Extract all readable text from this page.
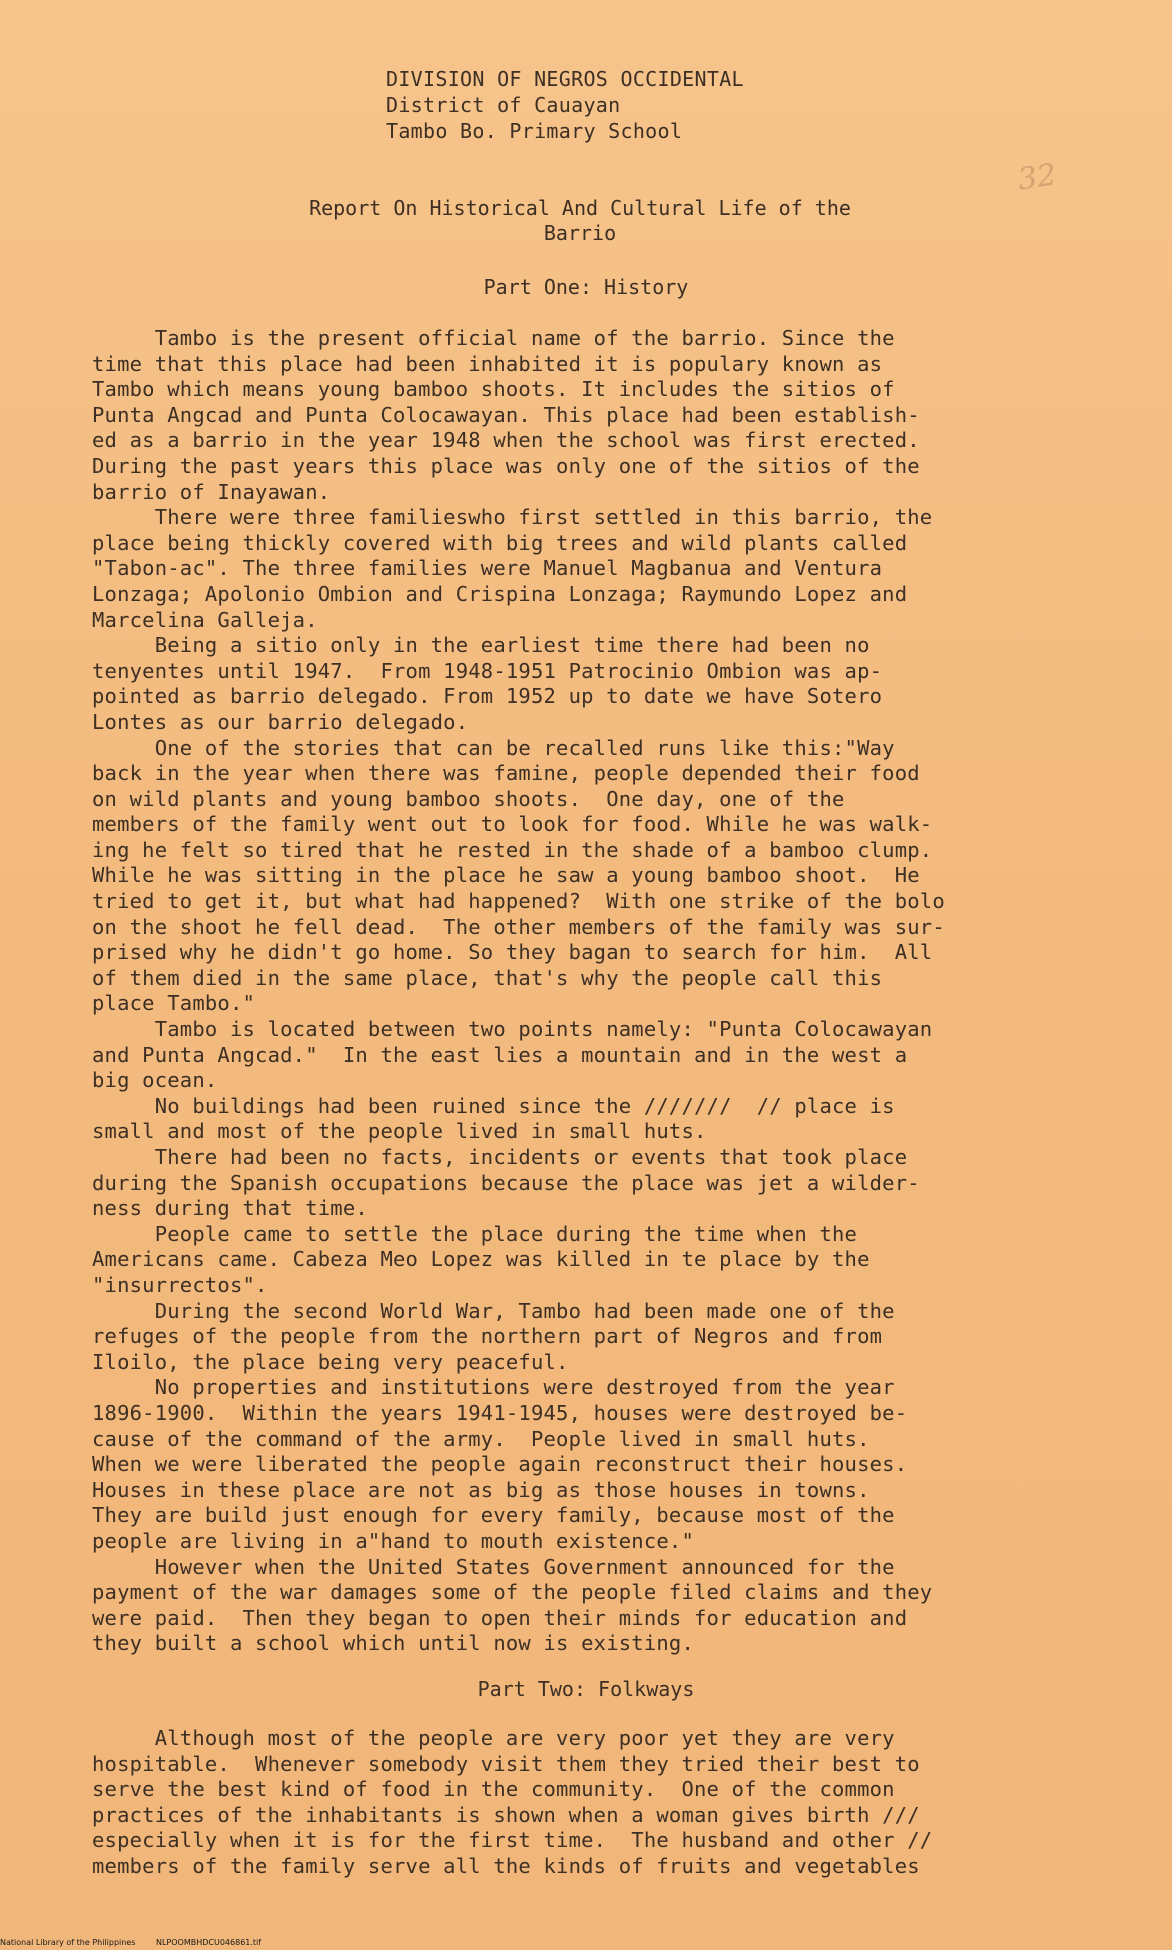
DIVISION OF NEGROS OCCIDENTAL
District of Cauayan
Tambo Bo. Primary School
32
Report On Historical And Cultural Life of the
Barrio
Part One: History
Tambo is the present official name of the barrio. Since the
time that this place had been inhabited it is populary known as
Tambo which means young bamboo shoots. It includes the sitios of
Punta Angcad and Punta Colocawayan. This place had been establish-
ed as a barrio in the year 1948 when the school was first erected.
During the past years this place was only one of the sitios of the
barrio of Inayawan.
There were three familieswho first settled in this barrio, the
place being thickly covered with big trees and wild plants called
"Tabon-ac". The three families were Manuel Magbanua and Ventura
Lonzaga; Apolonio Ombion and Crispina Lonzaga; Raymundo Lopez and
Marcelina Galleja.
Being a sitio only in the earliest time there had been no
tenyentes until 1947.  From 1948-1951 Patrocinio Ombion was ap-
pointed as barrio delegado. From 1952 up to date we have Sotero
Lontes as our barrio delegado.
One of the stories that can be recalled runs like this:"Way
back in the year when there was famine, people depended their food
on wild plants and young bamboo shoots.  One day, one of the
members of the family went out to look for food. While he was walk-
ing he felt so tired that he rested in the shade of a bamboo clump.
While he was sitting in the place he saw a young bamboo shoot.  He
tried to get it, but what had happened?  With one strike of the bolo
on the shoot he fell dead.  The other members of the family was sur-
prised why he didn't go home. So they bagan to search for him.  All
of them died in the same place, that's why the people call this
place Tambo."
Tambo is located between two points namely: "Punta Colocawayan
and Punta Angcad."  In the east lies a mountain and in the west a
big ocean.
No buildings had been ruined since the ///////  // place is
small and most of the people lived in small huts.
There had been no facts, incidents or events that took place
during the Spanish occupations because the place was jet a wilder-
ness during that time.
People came to settle the place during the time when the
Americans came. Cabeza Meo Lopez was killed in te place by the
"insurrectos".
During the second World War, Tambo had been made one of the
refuges of the people from the northern part of Negros and from
Iloilo, the place being very peaceful.
No properties and institutions were destroyed from the year
1896-1900.  Within the years 1941-1945, houses were destroyed be-
cause of the command of the army.  People lived in small huts.
When we were liberated the people again reconstruct their houses.
Houses in these place are not as big as those houses in towns.
They are build just enough for every family, because most of the
people are living in a"hand to mouth existence."
However when the United States Government announced for the
payment of the war damages some of the people filed claims and they
were paid.  Then they began to open their minds for education and
they built a school which until now is existing.
Part Two: Folkways
Although most of the people are very poor yet they are very
hospitable.  Whenever somebody visit them they tried their best to
serve the best kind of food in the community.  One of the common
practices of the inhabitants is shown when a woman gives birth ///
especially when it is for the first time.  The husband and other //
members of the family serve all the kinds of fruits and vegetables
National Library of the Philippines	NLPOOMBHDCU046861.tif
